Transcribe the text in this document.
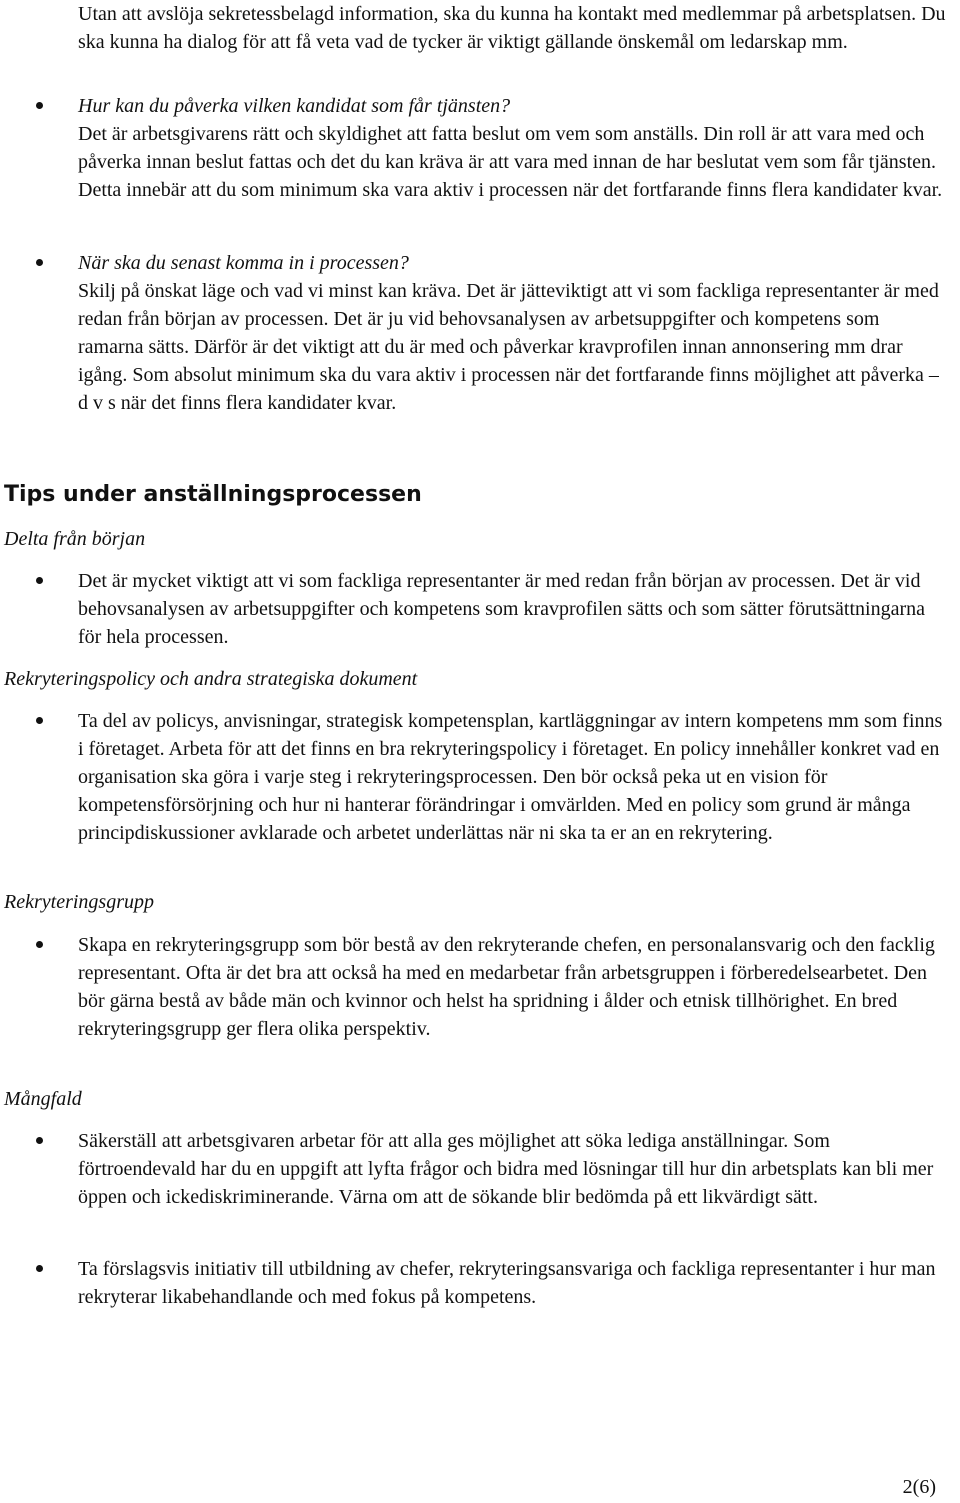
Utan att avslöja sekretessbelagd information, ska du kunna ha kontakt med medlemmar på arbetsplatsen. Du ska kunna ha dialog för att få veta vad de tycker är viktigt gällande önskemål om ledarskap mm.

Hur kan du påverka vilken kandidat som får tjänsten?
Det är arbetsgivarens rätt och skyldighet att fatta beslut om vem som anställs. Din roll är att vara med och påverka innan beslut fattas och det du kan kräva är att vara med innan de har beslutat vem som får tjänsten. Detta innebär att du som minimum ska vara aktiv i processen när det fortfarande finns flera kandidater kvar.
När ska du senast komma in i processen?
Skilj på önskat läge och vad vi minst kan kräva. Det är jätteviktigt att vi som fackliga representanter är med redan från början av processen. Det är ju vid behovsanalysen av arbetsuppgifter och kompetens som ramarna sätts. Därför är det viktigt att du är med och påverkar kravprofilen innan annonsering mm drar igång. Som absolut minimum ska du vara aktiv i processen när det fortfarande finns möjlighet att påverka – d v s när det finns flera kandidater kvar.
Tips under anställningsprocessen

Delta från början

Det är mycket viktigt att vi som fackliga representanter är med redan från början av processen. Det är vid behovsanalysen av arbetsuppgifter och kompetens som kravprofilen sätts och som sätter förutsättningarna för hela processen.

Rekryteringspolicy och andra strategiska dokument

Ta del av policys, anvisningar, strategisk kompetensplan, kartläggningar av intern kompetens mm som finns i företaget. Arbeta för att det finns en bra rekryteringspolicy i företaget. En policy innehåller konkret vad en organisation ska göra i varje steg i rekryteringsprocessen. Den bör också peka ut en vision för kompetensförsörjning och hur ni hanterar förändringar i omvärlden. Med en policy som grund är många principdiskussioner avklarade och arbetet underlättas när ni ska ta er an en rekrytering.

Rekryteringsgrupp

Skapa en rekryteringsgrupp som bör bestå av den rekryterande chefen, en personalansvarig och den facklig representant. Ofta är det bra att också ha med en medarbetar från arbetsgruppen i förberedelsearbetet. Den bör gärna bestå av både män och kvinnor och helst ha spridning i ålder och etnisk tillhörighet. En bred rekryteringsgrupp ger flera olika perspektiv.

Mångfald

Säkerställ att arbetsgivaren arbetar för att alla ges möjlighet att söka lediga anställningar. Som förtroendevald har du en uppgift att lyfta frågor och bidra med lösningar till hur din arbetsplats kan bli mer öppen och ickediskriminerande. Värna om att de sökande blir bedömda på ett likvärdigt sätt.

Ta förslagsvis initiativ till utbildning av chefer, rekryteringsansvariga och fackliga representanter i hur man rekryterar likabehandlande och med fokus på kompetens.

2(6)
